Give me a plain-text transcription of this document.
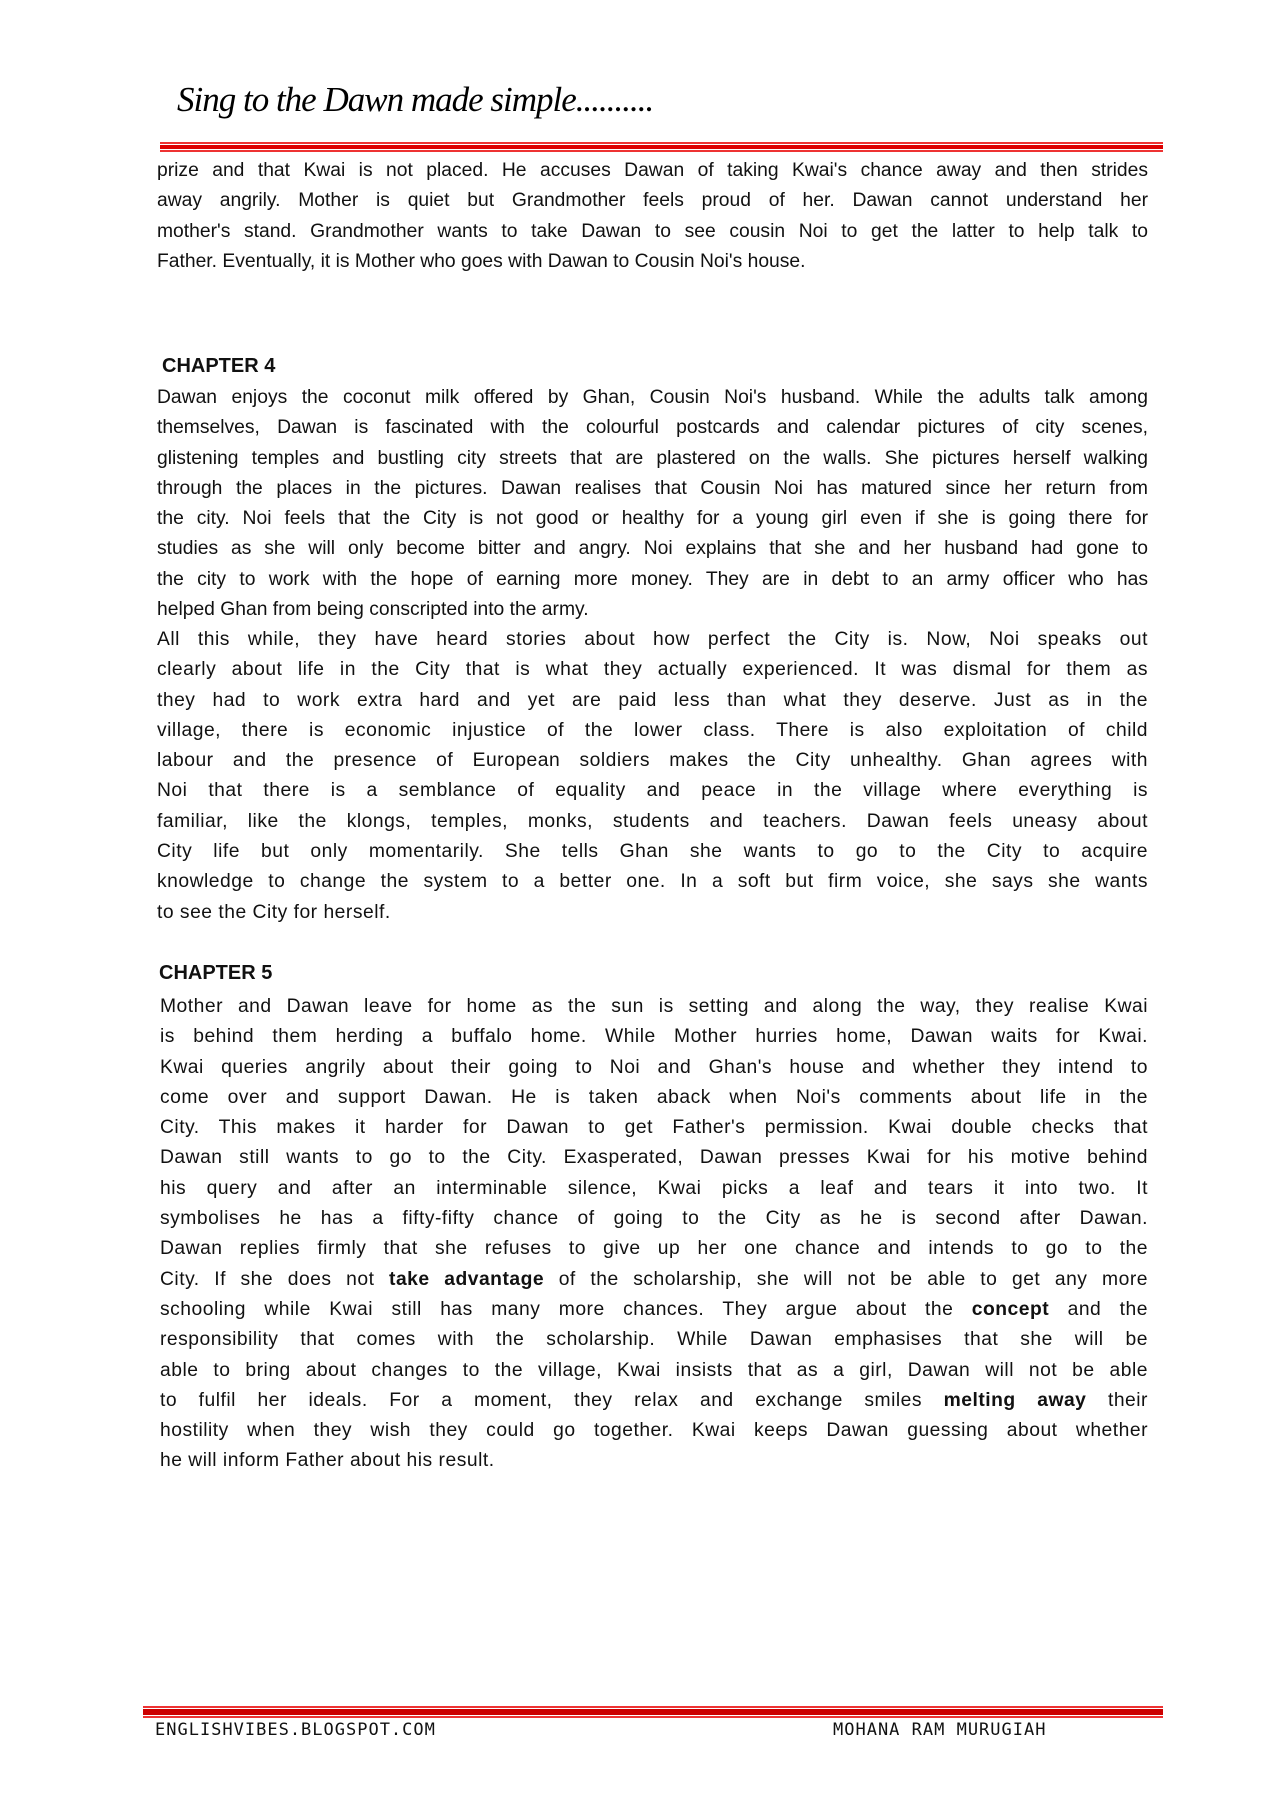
Sing to the Dawn made simple..........
prize and that Kwai is not placed. He accuses Dawan of taking Kwai's chance away and then strides
away angrily. Mother is quiet but Grandmother feels proud of her. Dawan cannot understand her
mother's stand. Grandmother wants to take Dawan to see cousin Noi to get the latter to help talk to
Father. Eventually, it is Mother who goes with Dawan to Cousin Noi's house.
CHAPTER 4
Dawan enjoys the coconut milk offered by Ghan, Cousin Noi's husband. While the adults talk among
themselves, Dawan is fascinated with the colourful postcards and calendar pictures of city scenes,
glistening temples and bustling city streets that are plastered on the walls. She pictures herself walking
through the places in the pictures. Dawan realises that Cousin Noi has matured since her return from
the city. Noi feels that the City is not good or healthy for a young girl even if she is going there for
studies as she will only become bitter and angry. Noi explains that she and her husband had gone to
the city to work with the hope of earning more money. They are in debt to an army officer who has
helped Ghan from being conscripted into the army.
All this while, they have heard stories about how perfect the City is. Now, Noi speaks out
clearly about life in the City that is what they actually experienced. It was dismal for them as
they had to work extra hard and yet are paid less than what they deserve. Just as in the
village, there is economic injustice of the lower class. There is also exploitation of child
labour and the presence of European soldiers makes the City unhealthy. Ghan agrees with
Noi that there is a semblance of equality and peace in the village where everything is
familiar, like the klongs, temples, monks, students and teachers. Dawan feels uneasy about
City life but only momentarily. She tells Ghan she wants to go to the City to acquire
knowledge to change the system to a better one. In a soft but firm voice, she says she wants
to see the City for herself.
CHAPTER 5
Mother and Dawan leave for home as the sun is setting and along the way, they realise Kwai
is behind them herding a buffalo home. While Mother hurries home, Dawan waits for Kwai.
Kwai queries angrily about their going to Noi and Ghan's house and whether they intend to
come over and support Dawan. He is taken aback when Noi's comments about life in the
City. This makes it harder for Dawan to get Father's permission. Kwai double checks that
Dawan still wants to go to the City. Exasperated, Dawan presses Kwai for his motive behind
his query and after an interminable silence, Kwai picks a leaf and tears it into two. It
symbolises he has a fifty-fifty chance of going to the City as he is second after Dawan.
Dawan replies firmly that she refuses to give up her one chance and intends to go to the
City. If she does not take advantage of the scholarship, she will not be able to get any more
schooling while Kwai still has many more chances. They argue about the concept and the
responsibility that comes with the scholarship. While Dawan emphasises that she will be
able to bring about changes to the village, Kwai insists that as a girl, Dawan will not be able
to fulfil her ideals. For a moment, they relax and exchange smiles melting away their
hostility when they wish they could go together. Kwai keeps Dawan guessing about whether
he will inform Father about his result.
ENGLISHVIBES.BLOGSPOT.COM	MOHANA RAM MURUGIAH
